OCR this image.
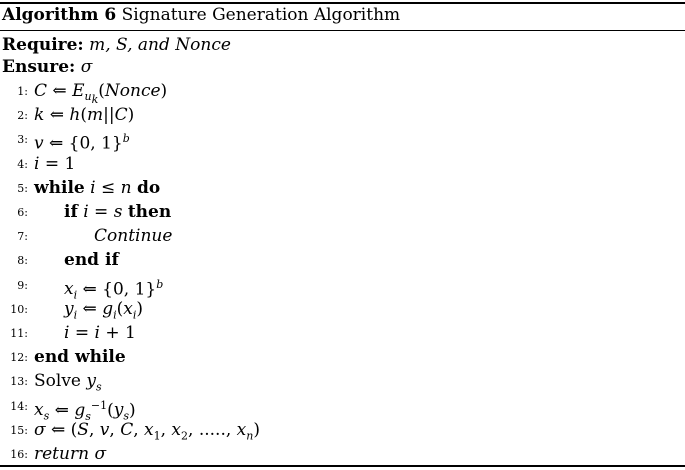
Algorithm 6 Signature Generation Algorithm
Require: m, S, and Nonce
Ensure: σ
1: C ⇐ $E_{u_k}(Nonce)$
2: k ⇐ h(m||C)
3: v ⇐ {0, 1}$^b$
4: i = 1
5: while i ≤ n do
6:	if i = s then
7:	Continue
8:	end if
9:	$x_i$ ⇐ {0, 1}$^b$
10:	$y_i$ ⇐ $g_i(x_i)$
11:	i = i + 1
12: end while
13: Solve $y_s$
14: $x_s$ ⇐ $g_s^{-1}(y_s)$
15: σ ⇐ (S, v, C, $x_1$, $x_2$, ....., $x_n$)
16: return σ
